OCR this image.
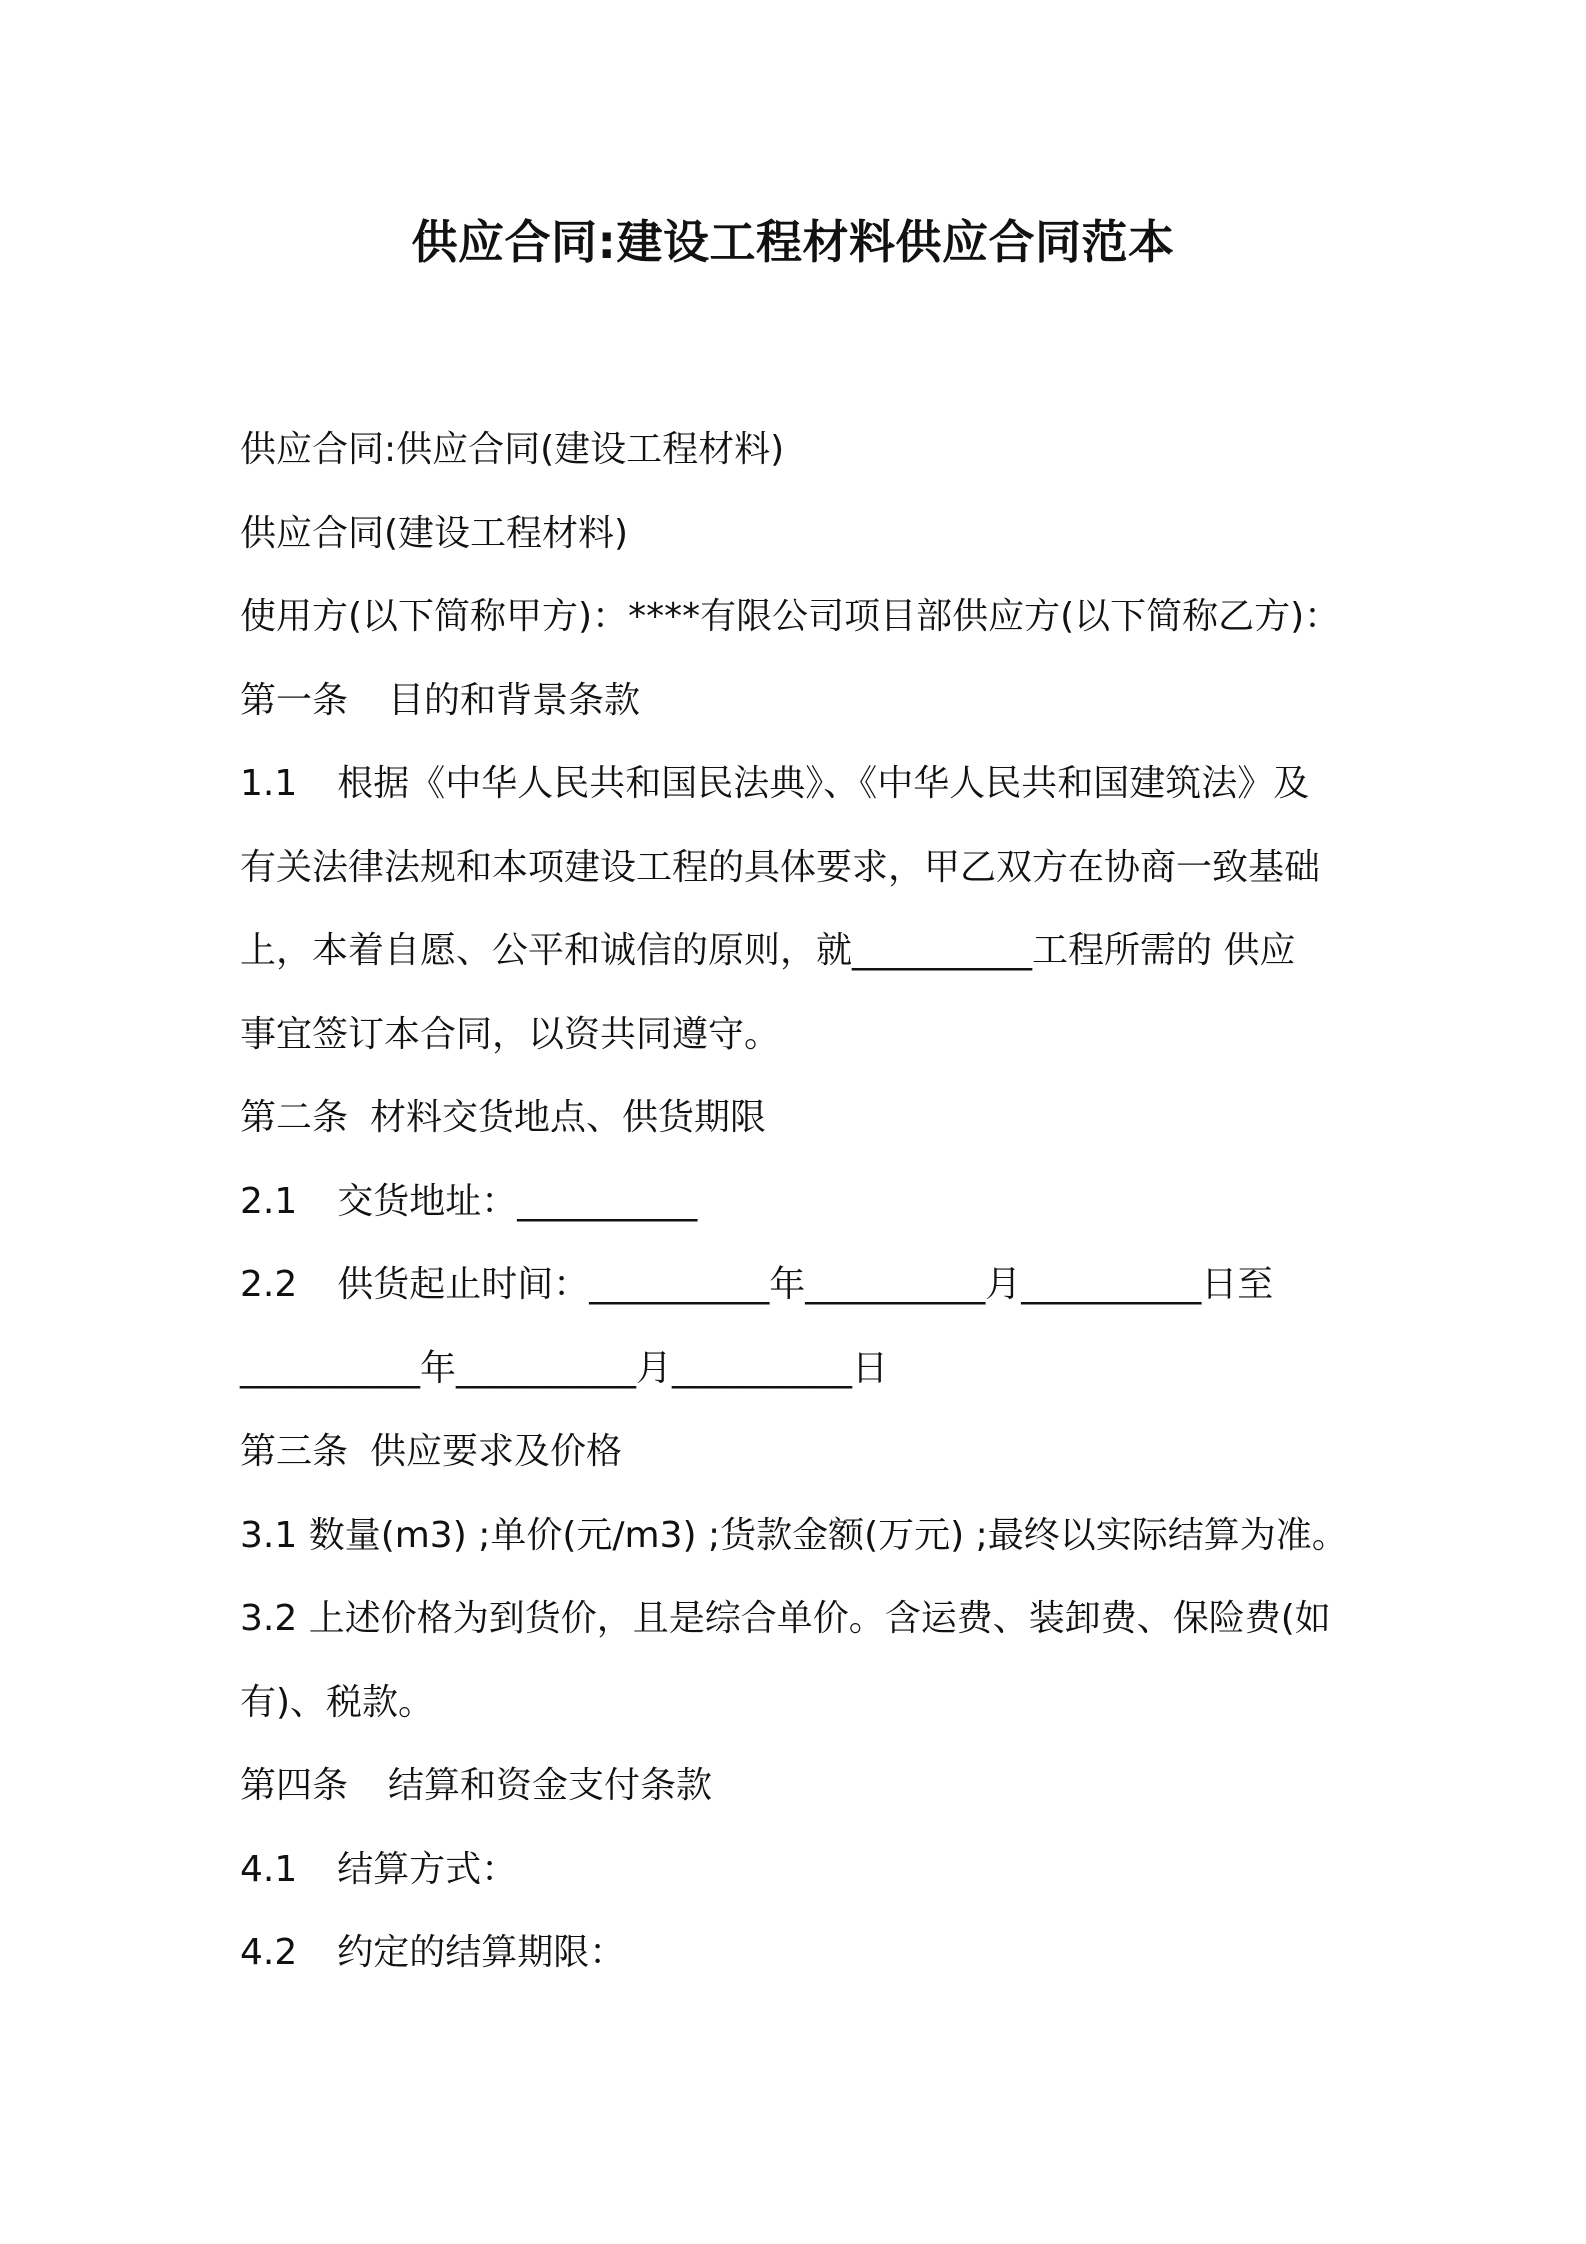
供应合同:建设工程材料供应合同范本
供应合同:供应合同(建设工程材料)
供应合同(建设工程材料)
使用方(以下简称甲方)：****有限公司项目部供应方(以下简称乙方)：
第一条 目的和背景条款
1.1 根据《中华人民共和国民法典》、《中华人民共和国建筑法》及
有关法律法规和本项建设工程的具体要求，甲乙双方在协商一致基础
上，本着自愿、公平和诚信的原则，就__________工程所需的 供应
事宜签订本合同，以资共同遵守。
第二条 材料交货地点、供货期限
2.1 交货地址：__________
2.2 供货起止时间：__________年__________月__________日至
__________年__________月__________日
第三条 供应要求及价格
3.1 数量(m3) ;单价(元/m3) ;货款金额(万元) ;最终以实际结算为准。
3.2 上述价格为到货价，且是综合单价。含运费、装卸费、保险费(如
有)、税款。
第四条 结算和资金支付条款
4.1 结算方式：
4.2 约定的结算期限：
